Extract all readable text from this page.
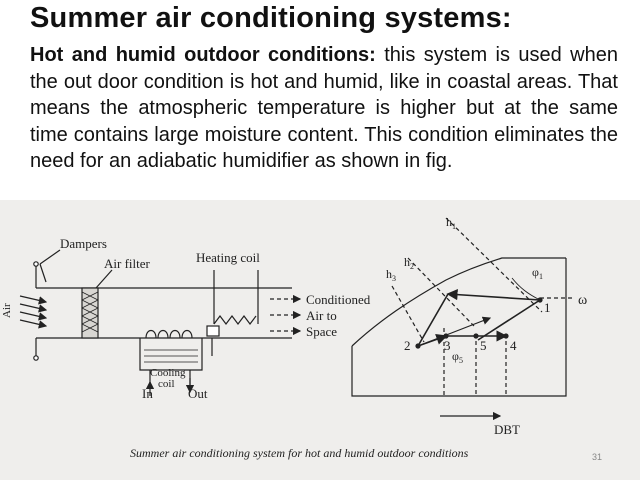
Summer air conditioning systems:
Hot and humid outdoor conditions: this system is used when the out door condition is hot and humid, like in coastal areas. That means the atmospheric temperature is higher but at the same time contains large moisture content. This condition eliminates the need for an adiabatic humidifier as shown in fig.
Dampers
Air filter	Heating coil
Air
Conditioned
Air to
Space
Cooling
coil
In	Out
$h_1$
$h_2$
$h_3$	$\varphi_1$
$\varphi_5$
ω
DBT
1
2	3	4
5
Summer air conditioning system for hot and humid outdoor conditions	31
